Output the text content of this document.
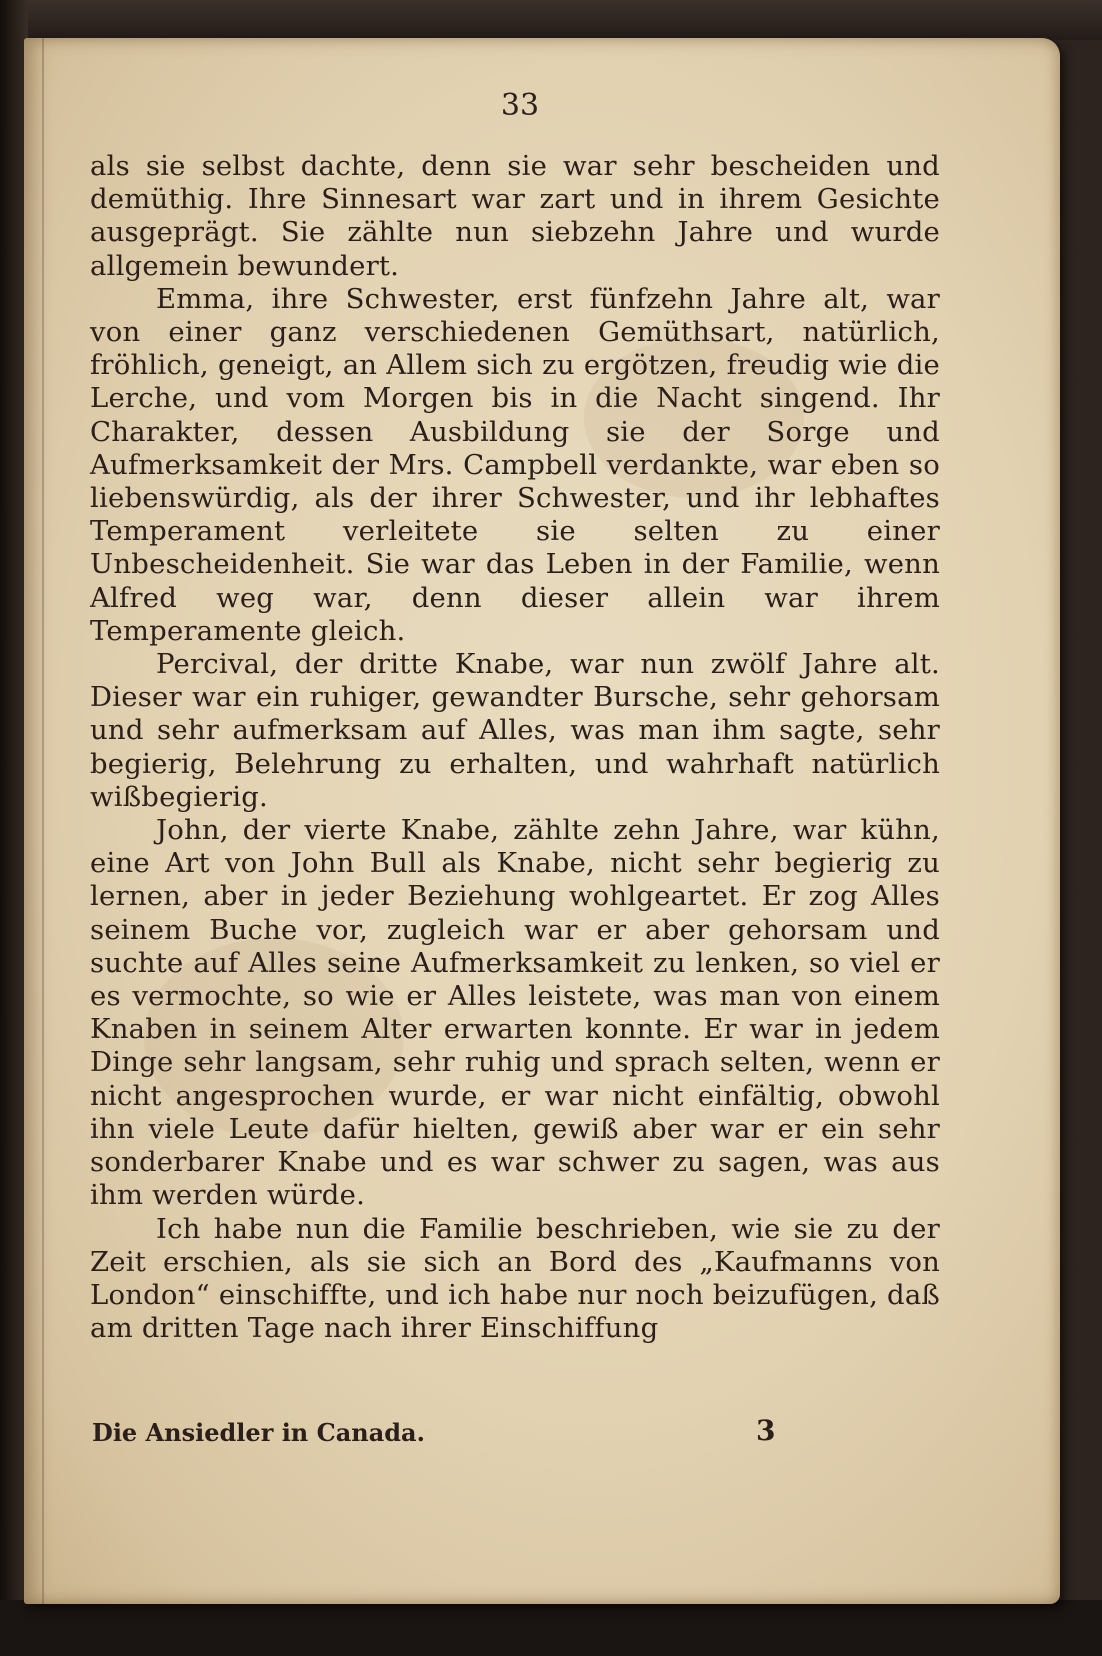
33

als sie selbst dachte, denn sie war sehr bescheiden und demüthig. Ihre Sinnesart war zart und in ihrem Gesichte ausgeprägt. Sie zählte nun siebzehn Jahre und wurde allgemein bewundert.

Emma, ihre Schwester, erst fünfzehn Jahre alt, war von einer ganz verschiedenen Gemüthsart, natürlich, fröhlich, geneigt, an Allem sich zu ergötzen, freudig wie die Lerche, und vom Morgen bis in die Nacht singend. Ihr Charakter, dessen Ausbildung sie der Sorge und Aufmerksamkeit der Mrs. Campbell verdankte, war eben so liebenswürdig, als der ihrer Schwester, und ihr lebhaftes Temperament verleitete sie selten zu einer Unbescheidenheit. Sie war das Leben in der Familie, wenn Alfred weg war, denn dieser allein war ihrem Temperamente gleich.

Percival, der dritte Knabe, war nun zwölf Jahre alt. Dieser war ein ruhiger, gewandter Bursche, sehr gehorsam und sehr aufmerksam auf Alles, was man ihm sagte, sehr begierig, Belehrung zu erhalten, und wahrhaft natürlich wißbegierig.

John, der vierte Knabe, zählte zehn Jahre, war kühn, eine Art von John Bull als Knabe, nicht sehr begierig zu lernen, aber in jeder Beziehung wohlgeartet. Er zog Alles seinem Buche vor, zugleich war er aber gehorsam und suchte auf Alles seine Aufmerksamkeit zu lenken, so viel er es vermochte, so wie er Alles leistete, was man von einem Knaben in seinem Alter erwarten konnte. Er war in jedem Dinge sehr langsam, sehr ruhig und sprach selten, wenn er nicht angesprochen wurde, er war nicht einfältig, obwohl ihn viele Leute dafür hielten, gewiß aber war er ein sehr sonderbarer Knabe und es war schwer zu sagen, was aus ihm werden würde.

Ich habe nun die Familie beschrieben, wie sie zu der Zeit erschien, als sie sich an Bord des „Kaufmanns von London“ einschiffte, und ich habe nur noch beizufügen, daß am dritten Tage nach ihrer Einschiffung

Die Ansiedler in Canada.	3
